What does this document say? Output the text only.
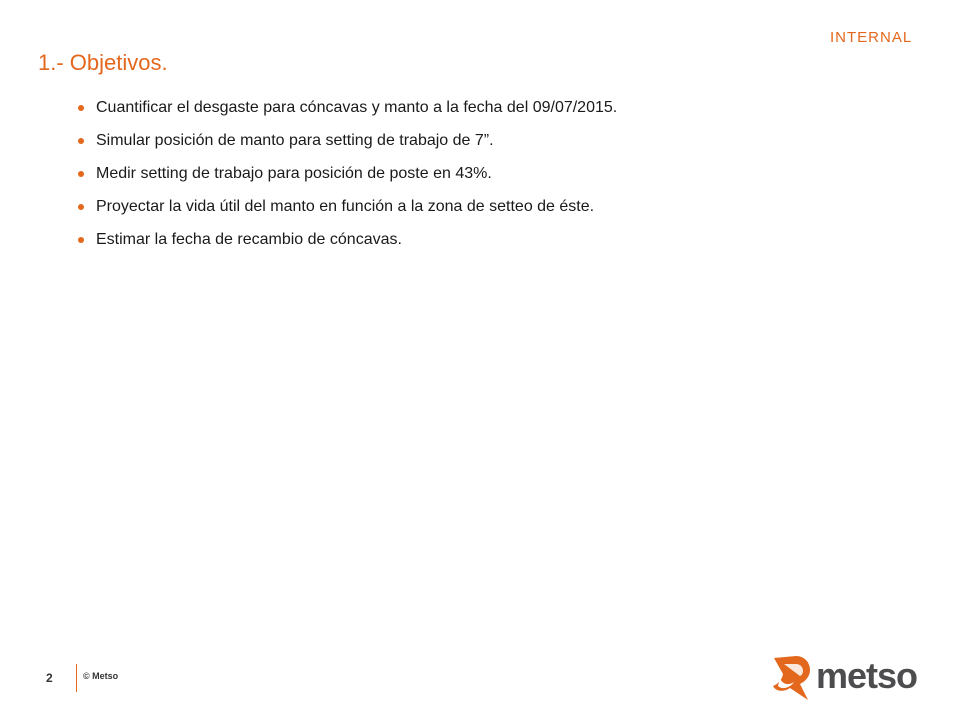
INTERNAL
1.- Objetivos.
Cuantificar el desgaste para cóncavas y manto a la fecha del 09/07/2015.
Simular posición de manto para setting de trabajo de 7”.
Medir setting de trabajo para posición de poste en 43%.
Proyectar la vida útil del manto en función a la zona de setteo de éste.
Estimar la fecha de recambio de cóncavas.
2	© Metso	metso
